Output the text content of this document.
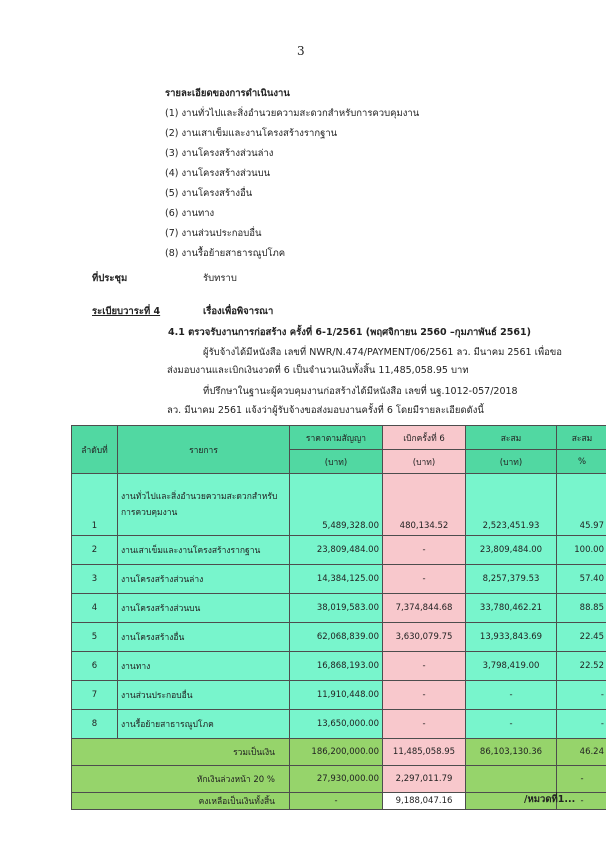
3
รายละเอียดของการดำเนินงาน
(1) งานทั่วไปและสิ่งอำนวยความสะดวกสำหรับการควบคุมงาน
(2) งานเสาเข็มและงานโครงสร้างรากฐาน
(3) งานโครงสร้างส่วนล่าง
(4) งานโครงสร้างส่วนบน
(5) งานโครงสร้างอื่น
(6) งานทาง
(7) งานส่วนประกอบอื่น
(8) งานรื้อย้ายสาธารณูปโภค
ที่ประชุม	รับทราบ
ระเบียบวาระที่ 4	เรื่องเพื่อพิจารณา
4.1 ตรวจรับงานการก่อสร้าง ครั้งที่ 6-1/2561 (พฤศจิกายน 2560 –กุมภาพันธ์ 2561)
ผู้รับจ้างได้มีหนังสือ เลขที่ NWR/N.474/PAYMENT/06/2561 ลว. มีนาคม 2561 เพื่อขอ
ส่งมอบงานและเบิกเงินงวดที่ 6 เป็นจำนวนเงินทั้งสิ้น 11,485,058.95 บาท
ที่ปรึกษาในฐานะผู้ควบคุมงานก่อสร้างได้มีหนังสือ เลขที่ นฐ.1012-057/2018
ลว. มีนาคม 2561 แจ้งว่าผู้รับจ้างขอส่งมอบงานครั้งที่ 6 โดยมีรายละเอียดดังนี้
ลำดับที่	รายการ	ราคาตามสัญญา	เบิกครั้งที่ 6	สะสม	สะสม
		(บาท)	(บาท)	(บาท)	%
1	งานทั่วไปและสิ่งอำนวยความสะดวกสำหรับการควบคุมงาน	5,489,328.00	480,134.52	2,523,451.93	45.97
2	งานเสาเข็มและงานโครงสร้างรากฐาน	23,809,484.00	-	23,809,484.00	100.00
3	งานโครงสร้างส่วนล่าง	14,384,125.00	-	8,257,379.53	57.40
4	งานโครงสร้างส่วนบน	38,019,583.00	7,374,844.68	33,780,462.21	88.85
5	งานโครงสร้างอื่น	62,068,839.00	3,630,079.75	13,933,843.69	22.45
6	งานทาง	16,868,193.00	-	3,798,419.00	22.52
7	งานส่วนประกอบอื่น	11,910,448.00	-	-	-
8	งานรื้อย้ายสาธารณูปโภค	13,650,000.00	-	-	-
รวมเป็นเงิน		186,200,000.00	11,485,058.95	86,103,130.36	46.24
หักเงินล่วงหน้า 20 %		27,930,000.00	2,297,011.79		-
คงเหลือเป็นเงินทั้งสิ้น		-	9,188,047.16		-
/หมวดที่1...
